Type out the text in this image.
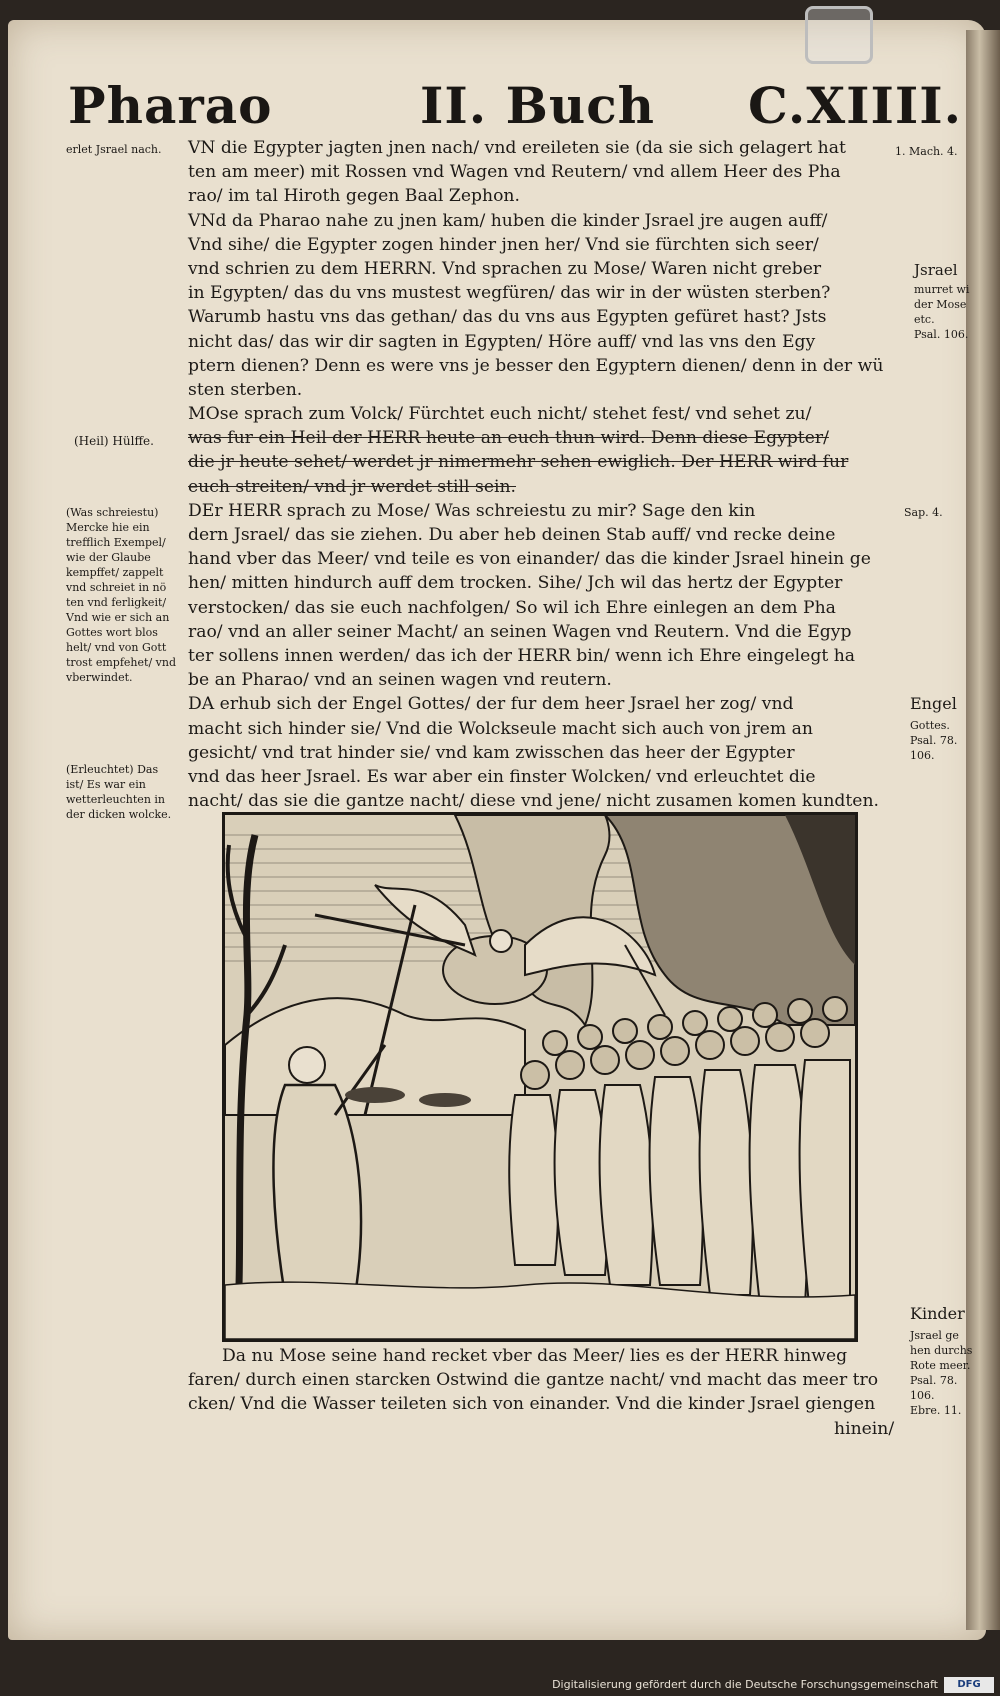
Pharao	II. Buch C.XIIII.
erlet Jsrael nach.
(Heil) Hülffe.
(Was schreiestu)
Mercke hie ein
trefflich Exempel/
wie der Glaube
kempffet/ zappelt
vnd schreiet in nö
ten vnd ferligkeit/
Vnd wie er sich an
Gottes wort blos
helt/ vnd von Gott
trost empfehet/ vnd
vberwindet.
(Erleuchtet) Das
ist/ Es war ein
wetterleuchten in
der dicken wolcke.
1. Mach. 4.
Jsrael
murret wi
der Mose
etc.
Psal. 106.
Sap. 4.
Engel
Gottes.
Psal. 78.
106.
Kinder
Jsrael ge
hen durchs
Rote meer.
Psal. 78.
106.
Ebre. 11.
VN die Egypter jagten jnen nach/ vnd ereileten sie (da sie sich gelagert hat
ten am meer) mit Rossen vnd Wagen vnd Reutern/ vnd allem Heer des Pha
rao/ im tal Hiroth gegen Baal Zephon.
VNd da Pharao nahe zu jnen kam/ huben die kinder Jsrael jre augen auff/
Vnd sihe/ die Egypter zogen hinder jnen her/ Vnd sie fürchten sich seer/
vnd schrien zu dem HERRN. Vnd sprachen zu Mose/ Waren nicht greber
in Egypten/ das du vns mustest wegfüren/ das wir in der wüsten sterben?
Warumb hastu vns das gethan/ das du vns aus Egypten gefüret hast? Jsts
nicht das/ das wir dir sagten in Egypten/ Höre auff/ vnd las vns den Egy
ptern dienen? Denn es were vns je besser den Egyptern dienen/ denn in der wü
sten sterben.
MOse sprach zum Volck/ Fürchtet euch nicht/ stehet fest/ vnd sehet zu/
was fur ein Heil der HERR heute an euch thun wird. Denn diese Egypter/
die jr heute sehet/ werdet jr nimermehr sehen ewiglich. Der HERR wird fur
euch streiten/ vnd jr werdet still sein.
DEr HERR sprach zu Mose/ Was schreiestu zu mir? Sage den kin
dern Jsrael/ das sie ziehen. Du aber heb deinen Stab auff/ vnd recke deine
hand vber das Meer/ vnd teile es von einander/ das die kinder Jsrael hinein ge
hen/ mitten hindurch auff dem trocken. Sihe/ Jch wil das hertz der Egypter
verstocken/ das sie euch nachfolgen/ So wil ich Ehre einlegen an dem Pha
rao/ vnd an aller seiner Macht/ an seinen Wagen vnd Reutern. Vnd die Egyp
ter sollens innen werden/ das ich der HERR bin/ wenn ich Ehre eingelegt ha
be an Pharao/ vnd an seinen wagen vnd reutern.
DA erhub sich der Engel Gottes/ der fur dem heer Jsrael her zog/ vnd
macht sich hinder sie/ Vnd die Wolckseule macht sich auch von jrem an
gesicht/ vnd trat hinder sie/ vnd kam zwisschen das heer der Egypter
vnd das heer Jsrael. Es war aber ein finster Wolcken/ vnd erleuchtet die
nacht/ das sie die gantze nacht/ diese vnd jene/ nicht zusamen komen kundten.
Da nu Mose seine hand recket vber das Meer/ lies es der HERR hinweg
faren/ durch einen starcken Ostwind die gantze nacht/ vnd macht das meer tro
cken/ Vnd die Wasser teileten sich von einander. Vnd die kinder Jsrael giengen
hinein/
Digitalisierung gefördert durch die Deutsche Forschungsgemeinschaft	DFG
